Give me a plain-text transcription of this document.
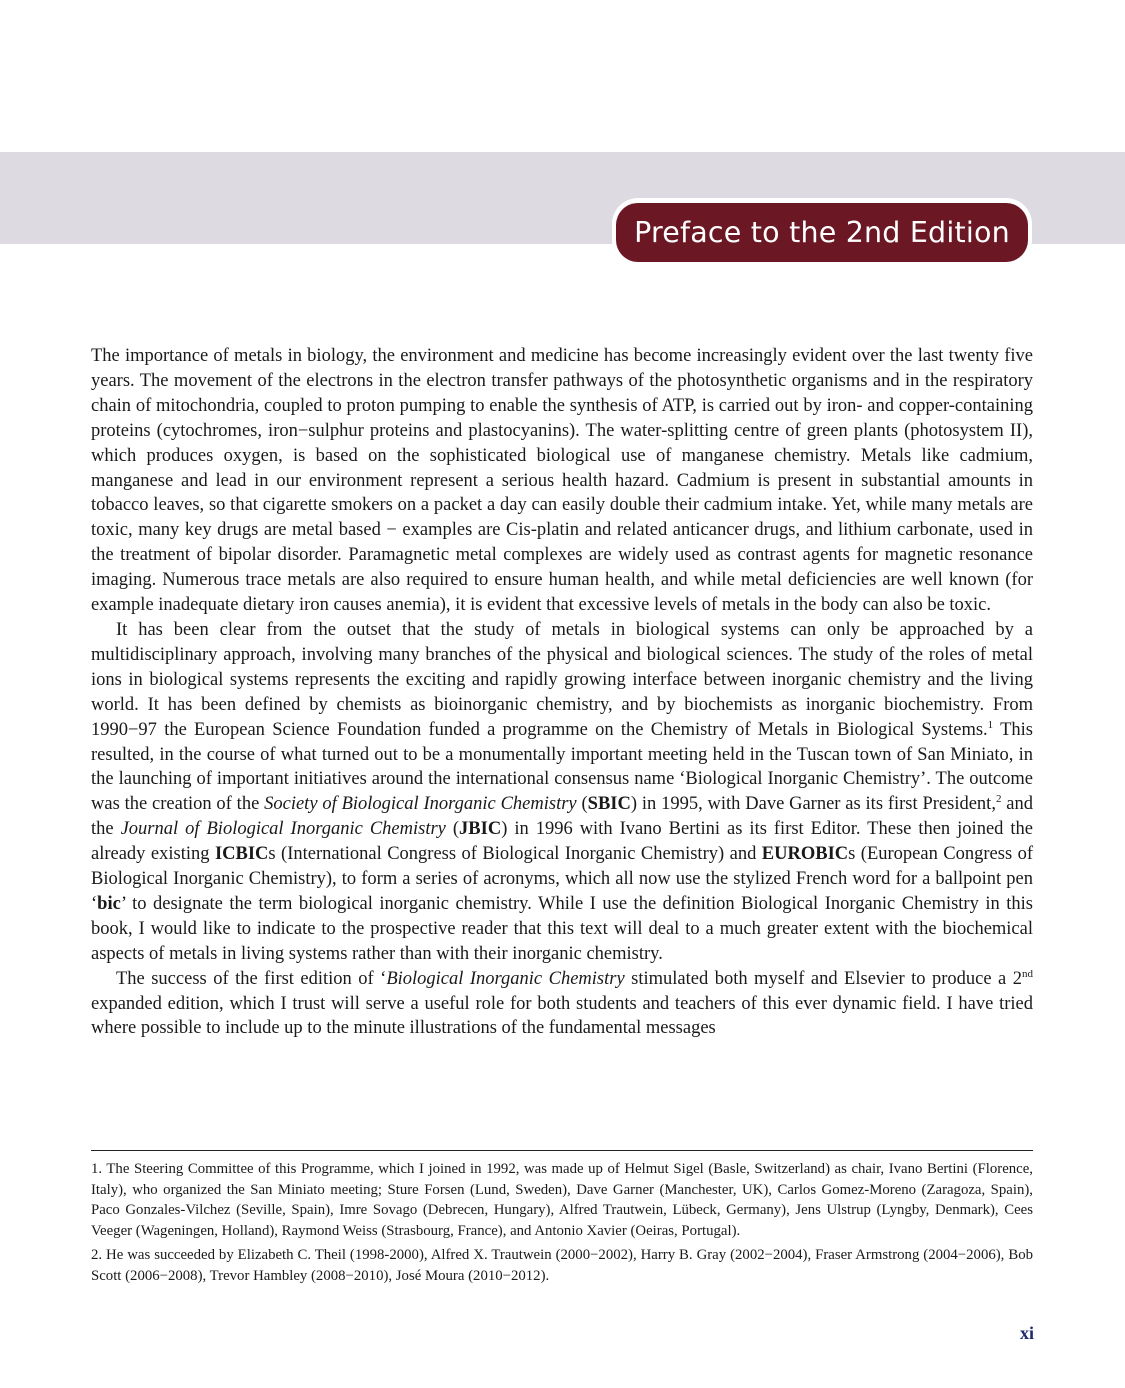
Preface to the 2nd Edition

The importance of metals in biology, the environment and medicine has become increasingly evident over the last twenty five years. The movement of the electrons in the electron transfer pathways of the photosynthetic organisms and in the respiratory chain of mitochondria, coupled to proton pumping to enable the synthesis of ATP, is carried out by iron- and copper-containing proteins (cytochromes, iron−sulphur proteins and plastocyanins). The water-splitting centre of green plants (photosystem II), which produces oxygen, is based on the sophisticated biological use of manganese chemistry. Metals like cadmium, manganese and lead in our environment represent a serious health hazard. Cadmium is present in substantial amounts in tobacco leaves, so that cigarette smokers on a packet a day can easily double their cadmium intake. Yet, while many metals are toxic, many key drugs are metal based − examples are Cis-platin and related anticancer drugs, and lithium carbonate, used in the treatment of bipolar disorder. Paramagnetic metal complexes are widely used as contrast agents for magnetic resonance imaging. Numerous trace metals are also required to ensure human health, and while metal deficiencies are well known (for example inadequate dietary iron causes anemia), it is evident that excessive levels of metals in the body can also be toxic.

It has been clear from the outset that the study of metals in biological systems can only be approached by a multidisciplinary approach, involving many branches of the physical and biological sciences. The study of the roles of metal ions in biological systems represents the exciting and rapidly growing interface between inorganic chemistry and the living world. It has been defined by chemists as bioinorganic chemistry, and by biochemists as inorganic biochemistry. From 1990−97 the European Science Foundation funded a programme on the Chemistry of Metals in Biological Systems.$^1$ This resulted, in the course of what turned out to be a monumentally important meeting held in the Tuscan town of San Miniato, in the launching of important initiatives around the international consensus name ‘Biological Inorganic Chemistry’. The outcome was the creation of the Society of Biological Inorganic Chemistry (SBIC) in 1995, with Dave Garner as its first President,$^2$ and the Journal of Biological Inorganic Chemistry (JBIC) in 1996 with Ivano Bertini as its first Editor. These then joined the already existing ICBICs (International Congress of Biological Inorganic Chemistry) and EUROBICs (European Congress of Biological Inorganic Chemistry), to form a series of acronyms, which all now use the stylized French word for a ballpoint pen ‘bic’ to designate the term biological inorganic chemistry. While I use the definition Biological Inorganic Chemistry in this book, I would like to indicate to the prospective reader that this text will deal to a much greater extent with the biochemical aspects of metals in living systems rather than with their inorganic chemistry.

The success of the first edition of ‘Biological Inorganic Chemistry stimulated both myself and Elsevier to produce a 2nd expanded edition, which I trust will serve a useful role for both students and teachers of this ever dynamic field. I have tried where possible to include up to the minute illustrations of the fundamental messages

1. The Steering Committee of this Programme, which I joined in 1992, was made up of Helmut Sigel (Basle, Switzerland) as chair, Ivano Bertini (Florence, Italy), who organized the San Miniato meeting; Sture Forsen (Lund, Sweden), Dave Garner (Manchester, UK), Carlos Gomez-Moreno (Zaragoza, Spain), Paco Gonzales-Vilchez (Seville, Spain), Imre Sovago (Debrecen, Hungary), Alfred Trautwein, Lübeck, Germany), Jens Ulstrup (Lyngby, Denmark), Cees Veeger (Wageningen, Holland), Raymond Weiss (Strasbourg, France), and Antonio Xavier (Oeiras, Portugal).

2. He was succeeded by Elizabeth C. Theil (1998-2000), Alfred X. Trautwein (2000−2002), Harry B. Gray (2002−2004), Fraser Armstrong (2004−2006), Bob Scott (2006−2008), Trevor Hambley (2008−2010), José Moura (2010−2012).

xi
